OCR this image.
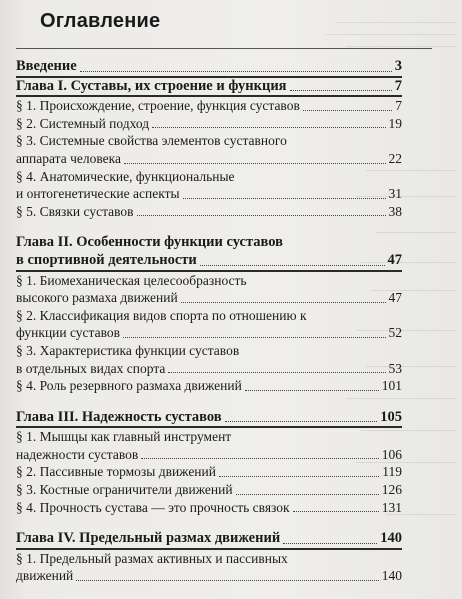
Оглавление
Введение	3
Глава I. Суставы, их строение и функция	7
§ 1. Происхождение, строение, функция суставов	7
§ 2. Системный подход	19
§ 3. Системные свойства элементов суставного
аппарата человека	22
§ 4. Анатомические, функциональные
и онтогенетические аспекты	31
§ 5. Связки суставов	38
Глава II. Особенности функции суставов
в спортивной деятельности	47
§ 1. Биомеханическая целесообразность
высокого размаха движений	47
§ 2. Классификация видов спорта по отношению к
функции суставов	52
§ 3. Характеристика функции суставов
в отдельных видах спорта	53
§ 4. Роль резервного размаха движений	101
Глава III. Надежность суставов	105
§ 1. Мышцы как главный инструмент
надежности суставов	106
§ 2. Пассивные тормозы движений	119
§ 3. Костные ограничители движений	126
§ 4. Прочность сустава — это прочность связок	131
Глава IV. Предельный размах движений	140
§ 1. Предельный размах активных и пассивных
движений	140
